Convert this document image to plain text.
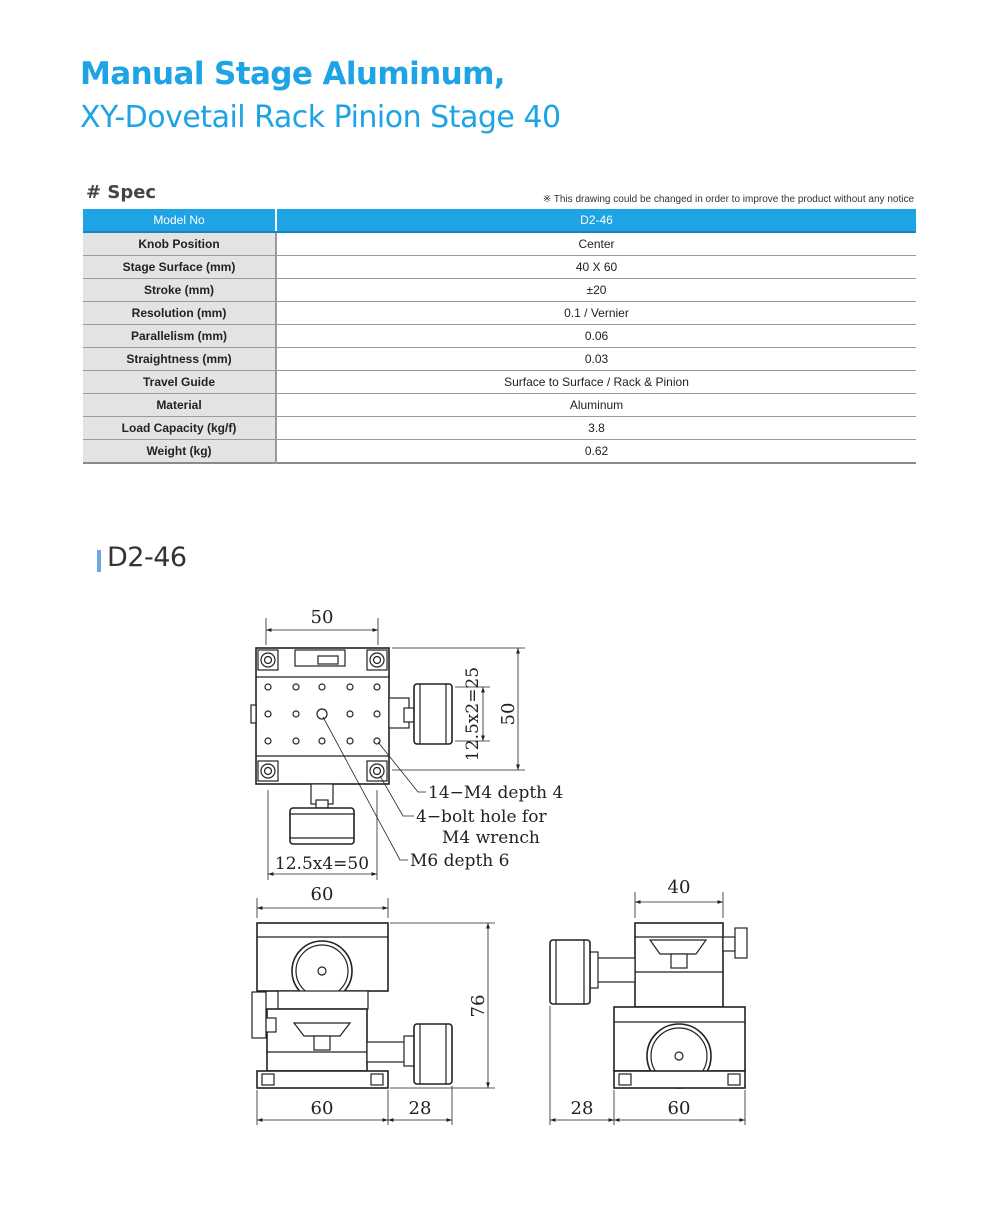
Manual Stage Aluminum,
XY-Dovetail Rack Pinion Stage 40
# Spec	※ This drawing could be changed in order to improve the product without any notice
Model No	D2-46
Knob Position	Center
Stage Surface (mm)	40 X 60
Stroke (mm)	±20
Resolution (mm)	0.1 / Vernier
Parallelism (mm)	0.06
Straightness (mm)	0.03
Travel Guide	Surface to Surface / Rack & Pinion
Material	Aluminum
Load Capacity (kg/f)	3.8
Weight (kg)	0.62
D2-46
50
50
12.5x2=25
12.5x4=50
14−M4 depth 4
4−bolt hole for
M4 wrench
M6 depth 6
60
76
60	28
40
28	60
